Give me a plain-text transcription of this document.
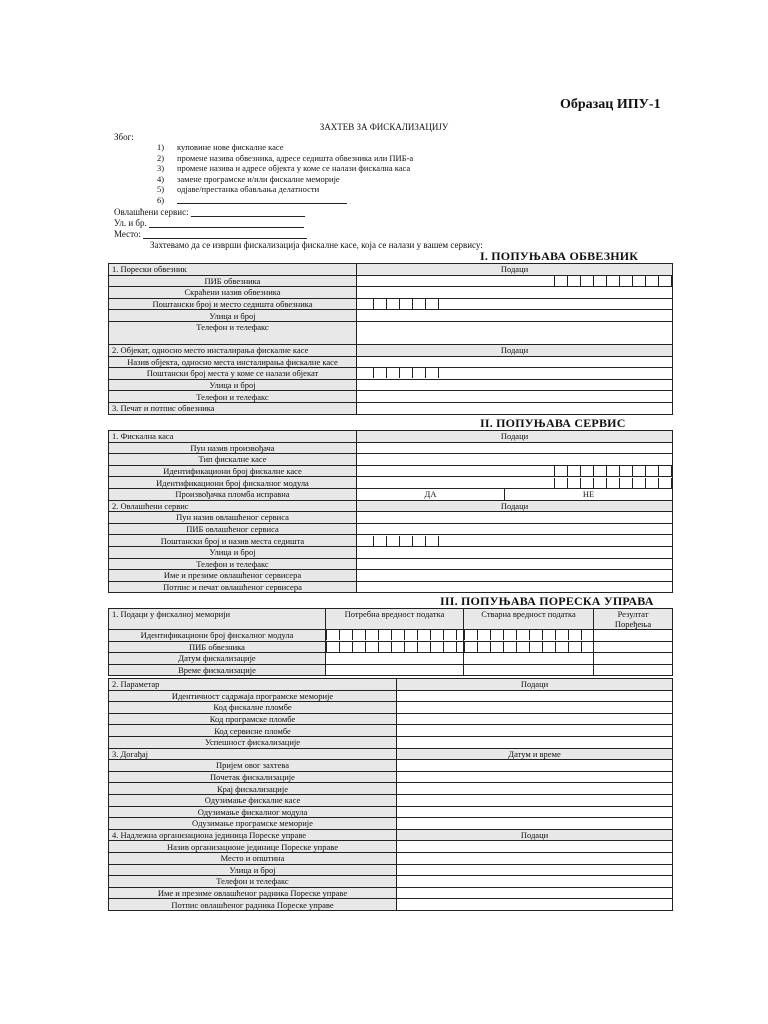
Образац ИПУ-1
ЗАХТЕВ ЗА ФИСКАЛИЗАЦИЈУ
Због:
1)	куповине нове фискалне касе
2)	промене назива обвезника, адресе седишта обвезника или ПИБ-а
3)	промене назива и адресе објекта у коме се налази фискална каса
4)	замене програмске и/или фискалне меморије
5)	одјаве/престанка обављања делатности
6)
Овлашћени сервис:
Ул. и бр.
Место:
Захтевамо да се изврши фискализација фискалне касе, која се налази у вашем сервису:
I. ПОПУЊАВА ОБВЕЗНИК
1. Порески обвезник	Подаци
ПИБ обвезника	

Скраћени назив обвезника	
Поштански број и место седишта обвезника	

Улица и број	
Телефон и телефакс	
2. Објекат, односно место инсталирања фискалне касе	Подаци
Назив објекта, односно места инсталирања фискалне касе	
Поштански број места у коме се налази објекат	

Улица и број	
Телефон и телефакс	
3. Печат и потпис обвезника	
II. ПОПУЊАВА СЕРВИС
1. Фискална каса	Подаци	
Пун назив произвођача		
Тип фискалне касе		
Идентификациони број фискалне касе		

Идентификациони број фискалног модула		

Произвођачка пломба исправна	ДА	НЕ
2. Овлашћени сервис	Подаци	
Пун назив овлашћеног сервиса		
ПИБ овлашћеног сервиса		
Поштански број и назив места седишта		

Улица и број		
Телефон и телефакс		
Име и презиме овлашћеног сервисера		
Потпис и печат овлашћеног сервисера		
III. ПОПУЊАВА ПОРЕСКА УПРАВА
1. Подаци у фискалној меморији	Потребна вредност податка	Стварна вредност податка	Резултат
Поређења

Идентификациони број фискалног модула	

ПИБ обвезника	

Датум фискализације			
Време фискализације			
2. Параметар	Подаци
Идентичност садржаја програмске меморије	
Код фискалне пломбе	
Код програмске пломбе	
Код сервисне пломбе	
Успешност фискализације	
3. Догађај	Датум и време
Пријем овог захтева	
Почетак фискализације	
Крај фискализације	
Одузимање фискалне касе	
Одузимање фискалног модула	
Одузимање програмске меморије	
4. Надлежна организациона јединица Пореске управе	Подаци
Назив организационе јединице Пореске управе	
Место и општина	
Улица и број	
Телефон и телефакс	
Име и презиме овлашћеног радника Пореске управе	
Потпис овлашћеног радника Пореске управе	
